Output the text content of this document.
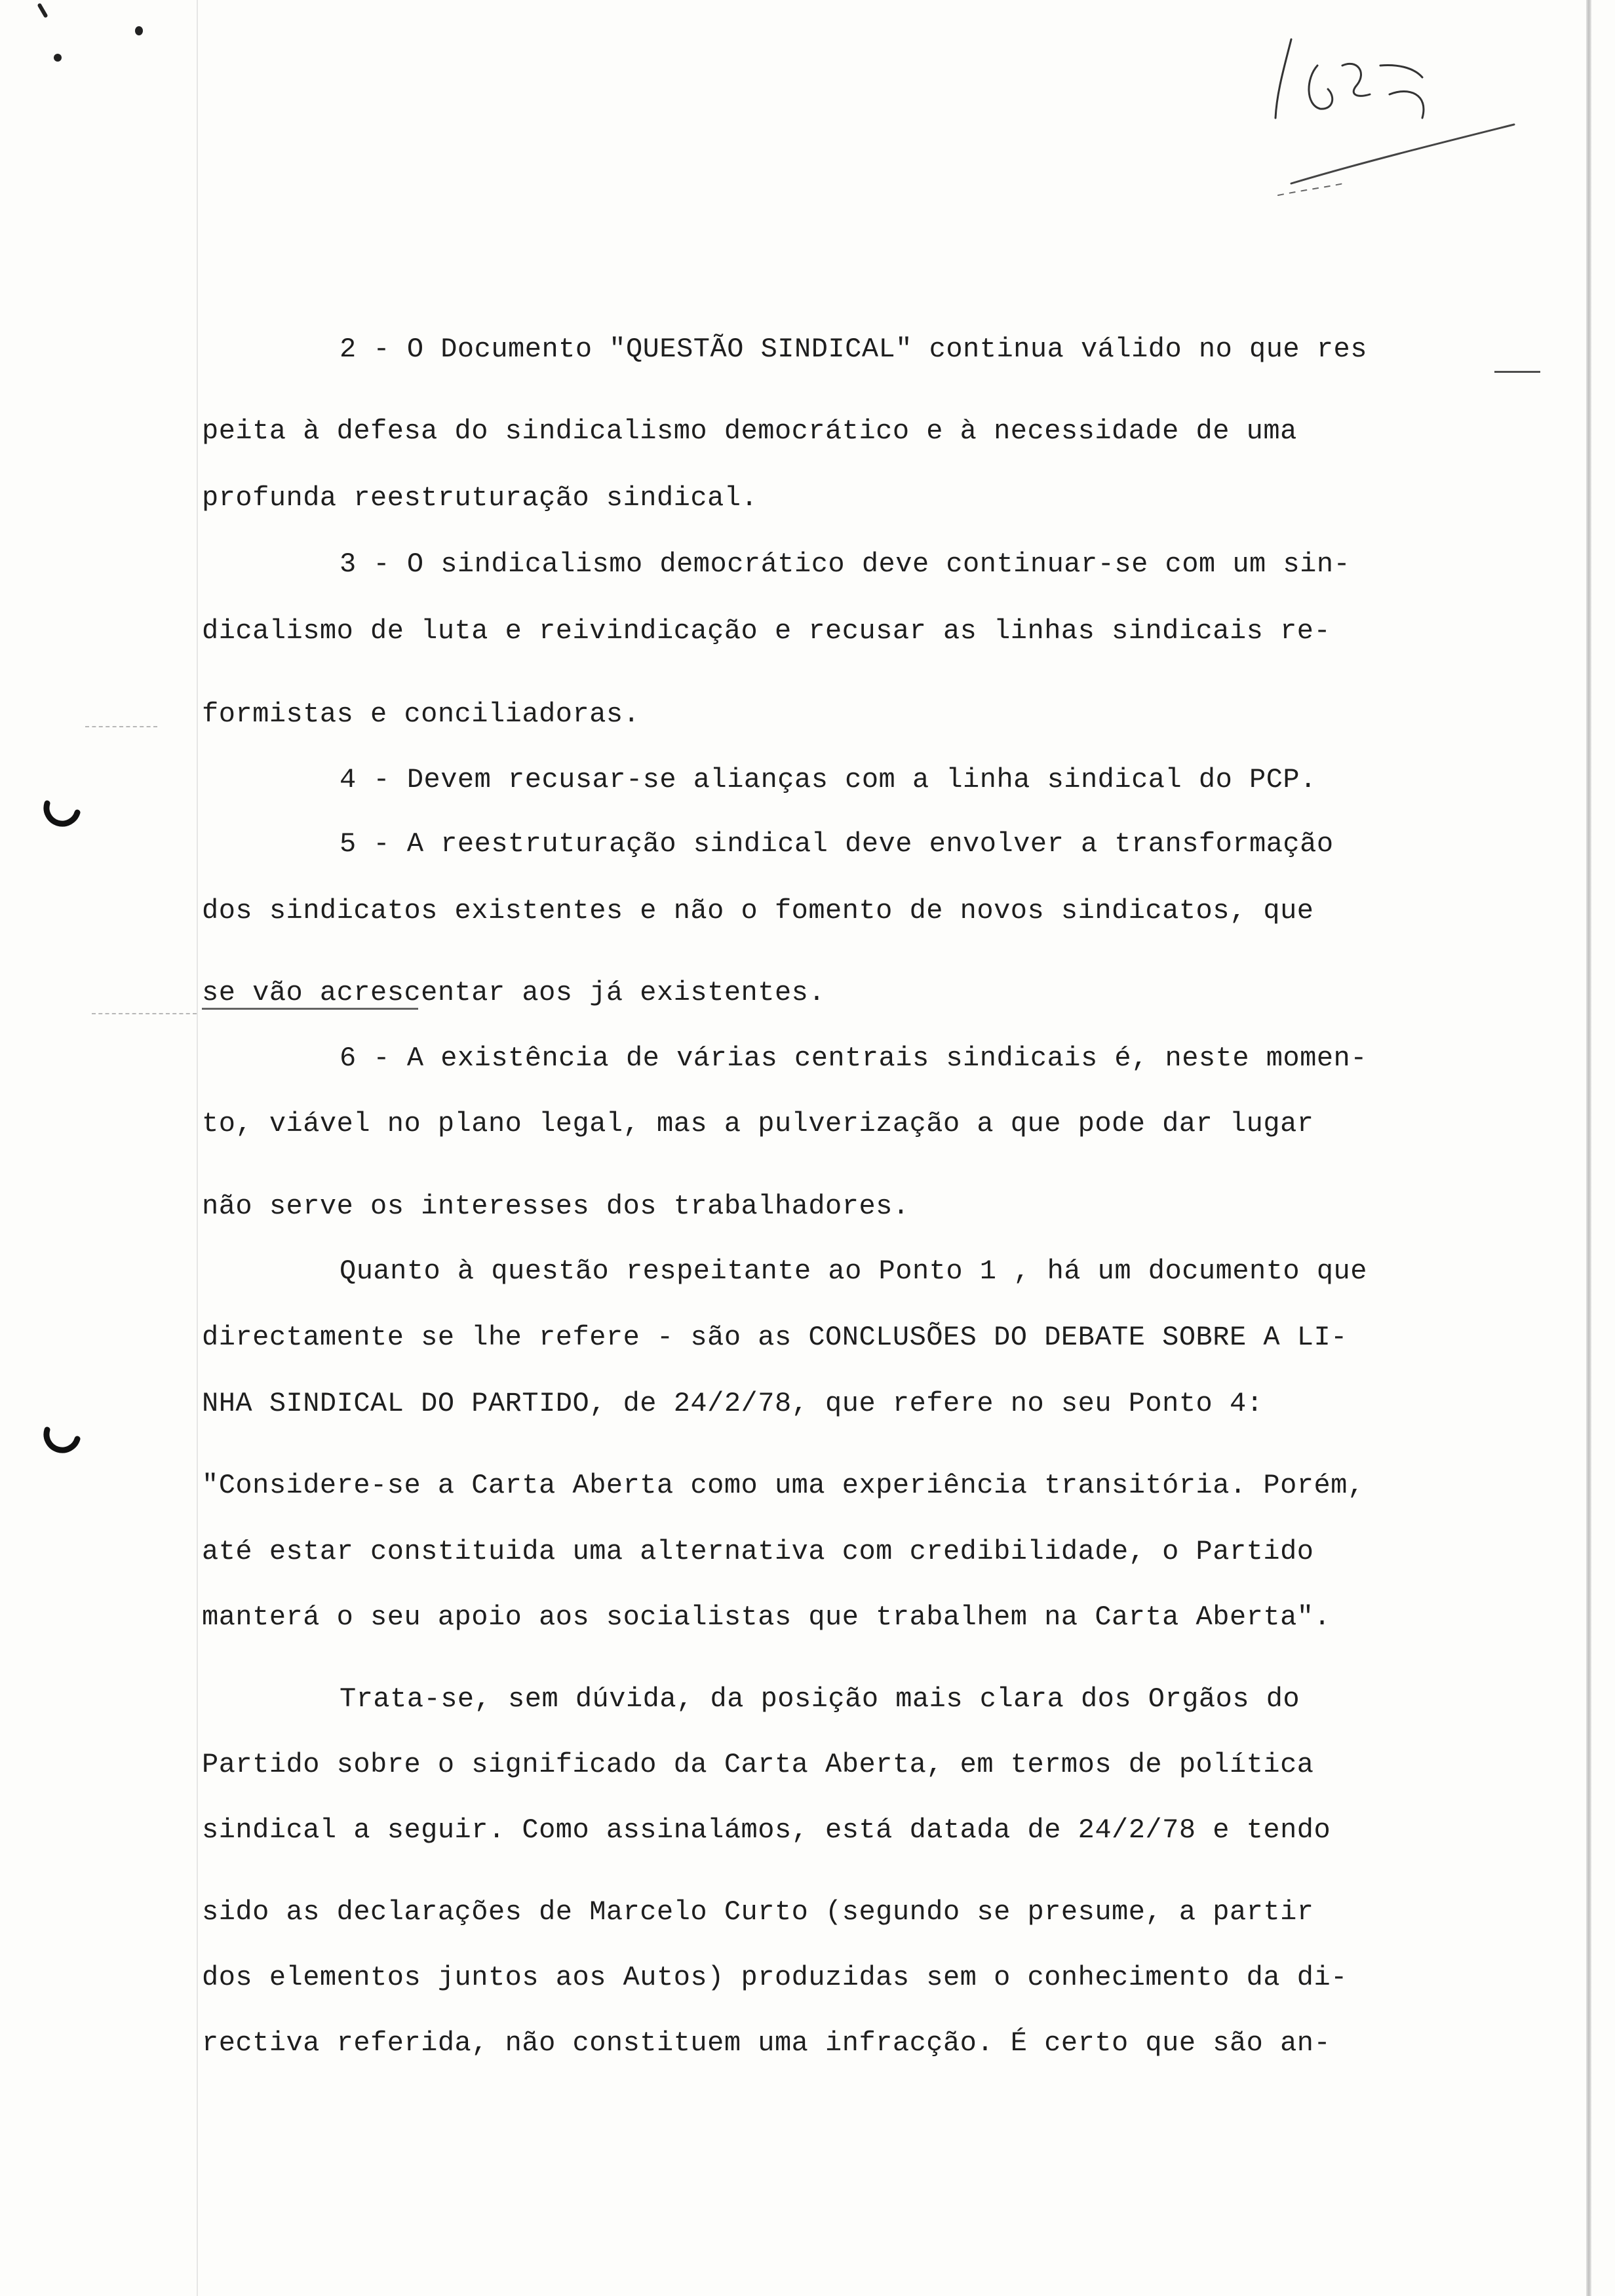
2 - O Documento "QUESTÃO SINDICAL" continua válido no que res
peita à defesa do sindicalismo democrático e à necessidade de uma
profunda reestruturação sindical.
3 - O sindicalismo democrático deve continuar-se com um sin-
dicalismo de luta e reivindicação e recusar as linhas sindicais re-
formistas e conciliadoras.
4 - Devem recusar-se alianças com a linha sindical do PCP.
5 - A reestruturação sindical deve envolver a transformação
dos sindicatos existentes e não o fomento de novos sindicatos, que
se vão acrescentar aos já existentes.
6 - A existência de várias centrais sindicais é, neste momen-
to, viável no plano legal, mas a pulverização a que pode dar lugar
não serve os interesses dos trabalhadores.
Quanto à questão respeitante ao Ponto 1 , há um documento que
directamente se lhe refere - são as CONCLUSÕES DO DEBATE SOBRE A LI-
NHA SINDICAL DO PARTIDO, de 24/2/78, que refere no seu Ponto 4:
"Considere-se a Carta Aberta como uma experiência transitória. Porém,
até estar constituida uma alternativa com credibilidade, o Partido
manterá o seu apoio aos socialistas que trabalhem na Carta Aberta".
Trata-se, sem dúvida, da posição mais clara dos Orgãos do
Partido sobre o significado da Carta Aberta, em termos de política
sindical a seguir. Como assinalámos, está datada de 24/2/78 e tendo
sido as declarações de Marcelo Curto (segundo se presume, a partir
dos elementos juntos aos Autos) produzidas sem o conhecimento da di-
rectiva referida, não constituem uma infracção. É certo que são an-
